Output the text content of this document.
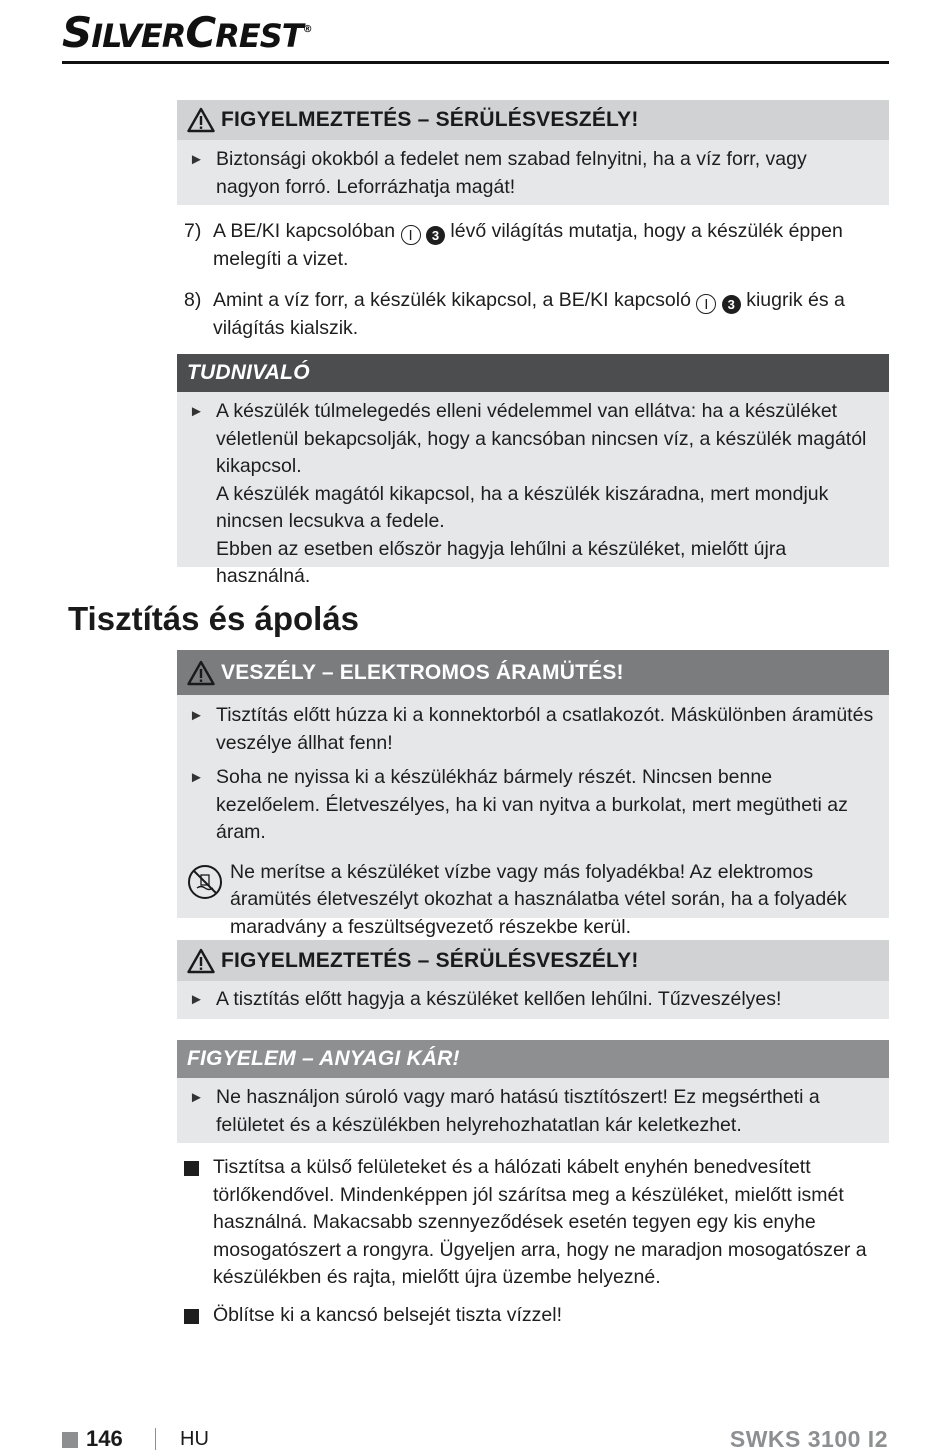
SILVERCREST®
FIGYELMEZTETÉS – SÉRÜLÉSVESZÉLY!
► Biztonsági okokból a fedelet nem szabad felnyitni, ha a víz forr, vagy nagyon forró. Leforrázhatja magát!
7) A BE/KI kapcsolóban I 3 lévő világítás mutatja, hogy a készülék éppen melegíti a vizet.
8) Amint a víz forr, a készülék kikapcsol, a BE/KI kapcsoló I 3 kiugrik és a világítás kialszik.
TUDNIVALÓ
► A készülék túlmelegedés elleni védelemmel van ellátva: ha a készüléket véletlenül bekapcsolják, hogy a kancsóban nincsen víz, a készülék magától kikapcsol.
A készülék magától kikapcsol, ha a készülék kiszáradna, mert mondjuk nincsen lecsukva a fedele.
Ebben az esetben először hagyja lehűlni a készüléket, mielőtt újra használná.
Tisztítás és ápolás
VESZÉLY – ELEKTROMOS ÁRAMÜTÉS!
► Tisztítás előtt húzza ki a konnektorból a csatlakozót. Máskülönben áramütés veszélye állhat fenn!
► Soha ne nyissa ki a készülékház bármely részét. Nincsen benne kezelőelem. Életveszélyes, ha ki van nyitva a burkolat, mert megütheti az áram.
Ne merítse a készüléket vízbe vagy más folyadékba! Az elektromos áramütés életveszélyt okozhat a használatba vétel során, ha a folyadék maradvány a feszültségvezető részekbe kerül.
FIGYELMEZTETÉS – SÉRÜLÉSVESZÉLY!
► A tisztítás előtt hagyja a készüléket kellően lehűlni. Tűzveszélyes!
FIGYELEM – ANYAGI KÁR!
► Ne használjon súroló vagy maró hatású tisztítószert! Ez megsértheti a felületet és a készülékben helyrehozhatatlan kár keletkezhet.
Tisztítsa a külső felületeket és a hálózati kábelt enyhén benedvesített törlőkendővel. Mindenképpen jól szárítsa meg a készüléket, mielőtt ismét használná. Makacsabb szennyeződések esetén tegyen egy kis enyhe mosogatószert a rongyra. Ügyeljen arra, hogy ne maradjon mosogatószer a készülékben és rajta, mielőtt újra üzembe helyezné.
Öblítse ki a kancsó belsejét tiszta vízzel!
146	HU	SWKS 3100 I2
